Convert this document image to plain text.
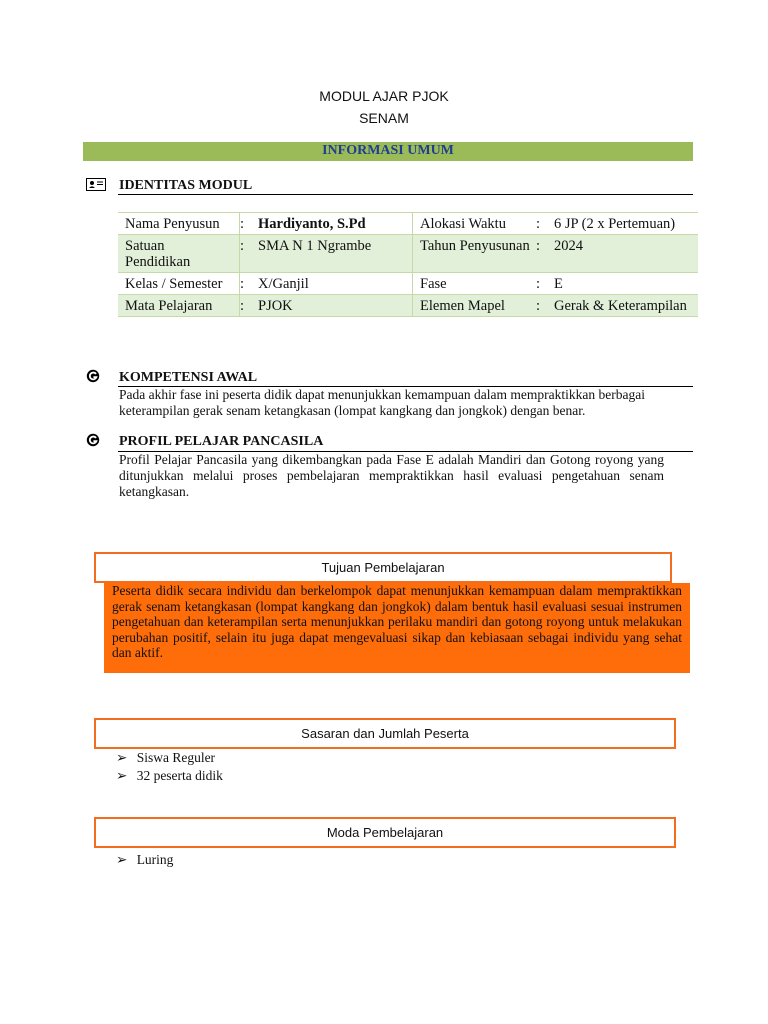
MODUL AJAR PJOK
SENAM
INFORMASI UMUM
IDENTITAS MODUL
Nama Penyusun	:	Hardiyanto, S.Pd	Alokasi Waktu	:	6 JP (2 x Pertemuan)
Satuan Pendidikan	:	SMA N 1 Ngrambe	Tahun Penyusunan	:	2024
Kelas / Semester	:	X/Ganjil	Fase	:	E
Mata Pelajaran	:	PJOK	Elemen Mapel	:	Gerak & Keterampilan
KOMPETENSI AWAL
Pada akhir fase ini peserta didik dapat menunjukkan kemampuan dalam mempraktikkan berbagai keterampilan gerak senam ketangkasan (lompat kangkang dan jongkok) dengan benar.
PROFIL PELAJAR PANCASILA
Profil Pelajar Pancasila yang dikembangkan pada Fase E adalah Mandiri dan Gotong royong yang ditunjukkan melalui proses pembelajaran mempraktikkan hasil evaluasi pengetahuan senam ketangkasan.
Tujuan Pembelajaran
Peserta didik secara individu dan berkelompok dapat menunjukkan kemampuan dalam mempraktikkan gerak senam ketangkasan (lompat kangkang dan jongkok) dalam bentuk hasil evaluasi sesuai instrumen pengetahuan dan keterampilan serta menunjukkan perilaku mandiri dan gotong royong untuk melakukan perubahan positif, selain itu juga dapat mengevaluasi sikap dan kebiasaan sebagai individu yang sehat dan aktif.
Sasaran dan Jumlah Peserta
➢ Siswa Reguler
➢ 32 peserta didik
Moda Pembelajaran
➢ Luring
